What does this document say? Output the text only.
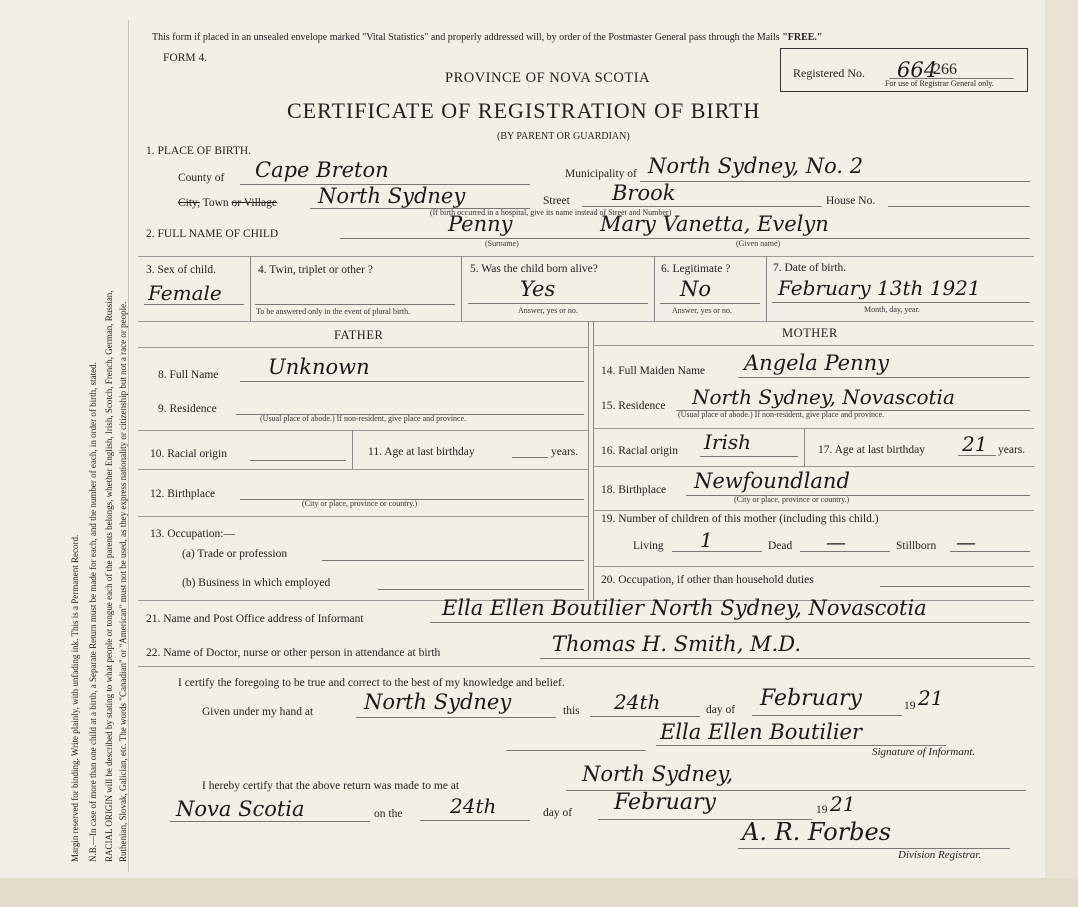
Margin reserved for binding. Write plainly, with unfading ink. This is a Permanent Record. N.B.—In case of more than one child at a birth, a Separate Return must be made for each, and the number of each, in order of birth, stated. RACIAL ORIGIN will be described by stating to what people or tongue each of the parents belongs, whether English, Irish, Scotch, French, German, Russian, Ruthenian, Slovak, Galician, etc. The words "Canadian" or "American" must not be used, as they express nationality or citizenship but not a race or people.
This form if placed in an unsealed envelope marked "Vital Statistics" and properly addressed will, by order of the Postmaster General pass through the Mails "FREE."
FORM 4.
PROVINCE OF NOVA SCOTIA
CERTIFICATE OF REGISTRATION OF BIRTH
(BY PARENT OR GUARDIAN)
Registered No. 664
266
For use of Registrar General only.
1. PLACE OF BIRTH.
County of Cape Breton	Municipality of North Sydney, No. 2
City, Town or Village North Sydney	Street Brook	House No.
(If birth occurred in a hospital, give its name instead of Street and Number)
2. FULL NAME OF CHILD	Penny	Mary Vanetta, Evelyn
(Surname)	(Given name)
3. Sex of child.
Female
4. Twin, triplet or other ?
To be answered only in the event of plural birth.
5. Was the child born alive?
Yes
Answer, yes or no.
6. Legitimate ?
No
Answer, yes or no.
7. Date of birth.
February 13th 1921
Month, day, year.
FATHER
8. Full Name Unknown
9. Residence
(Usual place of abode.) If non-resident, give place and province.
10. Racial origin	11. Age at last birthday	years.
12. Birthplace
(City or place, province or country.)
13. Occupation:—
(a) Trade or profession
(b) Business in which employed
MOTHER
14. Full Maiden Name Angela Penny
15. Residence North Sydney, Novascotia
(Usual place of abode.) If non-resident, give place and province.
16. Racial origin Irish	17. Age at last birthday 21 years.
18. Birthplace Newfoundland
(City or place, province or country.)
19. Number of children of this mother (including this child.)
Living 1	Dead —	Stillborn —
20. Occupation, if other than household duties
21. Name and Post Office address of Informant	Ella Ellen Boutilier North Sydney, Novascotia
22. Name of Doctor, nurse or other person in attendance at birth	Thomas H. Smith, M.D.
I certify the foregoing to be true and correct to the best of my knowledge and belief.
Given under my hand at North Sydney	this 24th	day of February	19 21
Ella Ellen Boutilier
Signature of Informant.
I hereby certify that the above return was made to me at	North Sydney,
Nova Scotia	on the 24th	day of February	19 21
A. R. Forbes
Division Registrar.
